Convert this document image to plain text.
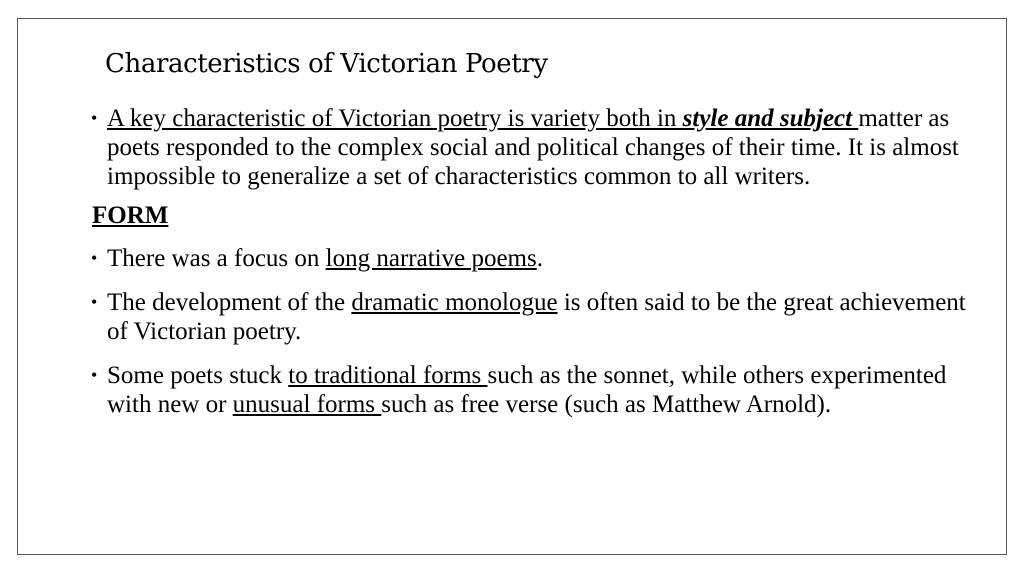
Characteristics of Victorian Poetry
• A key characteristic of Victorian poetry is variety both in style and subject matter as poets responded to the complex social and political changes of their time. It is almost impossible to generalize a set of characteristics common to all writers.
FORM
• There was a focus on long narrative poems.
• The development of the dramatic monologue is often said to be the great achievement of Victorian poetry.
• Some poets stuck to traditional forms such as the sonnet, while others experimented with new or unusual forms such as free verse (such as Matthew Arnold).
